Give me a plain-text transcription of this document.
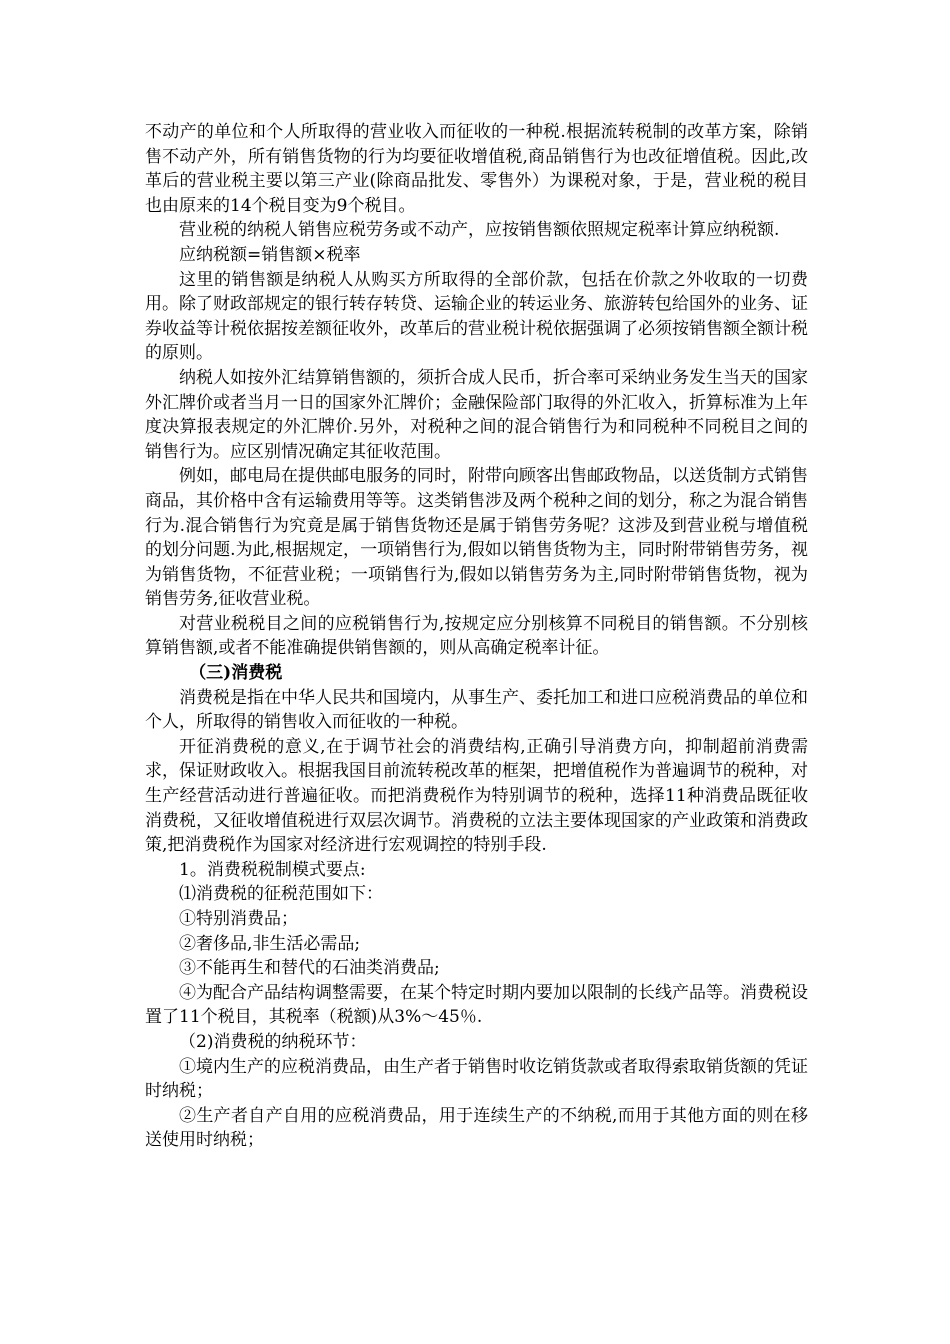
不动产的单位和个人所取得的营业收入而征收的一种税.根据流转税制的改革方案，除销售不动产外，所有销售货物的行为均要征收增值税,商品销售行为也改征增值税。因此,改革后的营业税主要以第三产业(除商品批发、零售外）为课税对象，于是，营业税的税目也由原来的14个税目变为9个税目。

营业税的纳税人销售应税劳务或不动产，应按销售额依照规定税率计算应纳税额.

应纳税额=销售额×税率

这里的销售额是纳税人从购买方所取得的全部价款，包括在价款之外收取的一切费用。除了财政部规定的银行转存转贷、运输企业的转运业务、旅游转包给国外的业务、证券收益等计税依据按差额征收外，改革后的营业税计税依据强调了必须按销售额全额计税的原则。

纳税人如按外汇结算销售额的，须折合成人民币，折合率可采纳业务发生当天的国家外汇牌价或者当月一日的国家外汇牌价；金融保险部门取得的外汇收入，折算标准为上年度决算报表规定的外汇牌价.另外，对税种之间的混合销售行为和同税种不同税目之间的销售行为。应区别情况确定其征收范围。

例如，邮电局在提供邮电服务的同时，附带向顾客出售邮政物品，以送货制方式销售商品，其价格中含有运输费用等等。这类销售涉及两个税种之间的划分，称之为混合销售行为.混合销售行为究竟是属于销售货物还是属于销售劳务呢？这涉及到营业税与增值税的划分问题.为此,根据规定，一项销售行为,假如以销售货物为主，同时附带销售劳务，视为销售货物，不征营业税；一项销售行为,假如以销售劳务为主,同时附带销售货物，视为销售劳务,征收营业税。

对营业税税目之间的应税销售行为,按规定应分别核算不同税目的销售额。不分别核算销售额,或者不能准确提供销售额的，则从高确定税率计征。

（三)消费税

消费税是指在中华人民共和国境内，从事生产、委托加工和进口应税消费品的单位和个人，所取得的销售收入而征收的一种税。

开征消费税的意义,在于调节社会的消费结构,正确引导消费方向，抑制超前消费需求，保证财政收入。根据我国目前流转税改革的框架，把增值税作为普遍调节的税种，对生产经营活动进行普遍征收。而把消费税作为特别调节的税种，选择11种消费品既征收消费税，又征收增值税进行双层次调节。消费税的立法主要体现国家的产业政策和消费政策,把消费税作为国家对经济进行宏观调控的特别手段.

1。消费税税制模式要点:

⑴消费税的征税范围如下：

①特别消费品；

②奢侈品,非生活必需品;

③不能再生和替代的石油类消费品;

④为配合产品结构调整需要，在某个特定时期内要加以限制的长线产品等。消费税设置了11个税目，其税率（税额)从3%～45％.

（2)消费税的纳税环节：

①境内生产的应税消费品，由生产者于销售时收讫销货款或者取得索取销货额的凭证时纳税；

②生产者自产自用的应税消费品，用于连续生产的不纳税,而用于其他方面的则在移送使用时纳税；
